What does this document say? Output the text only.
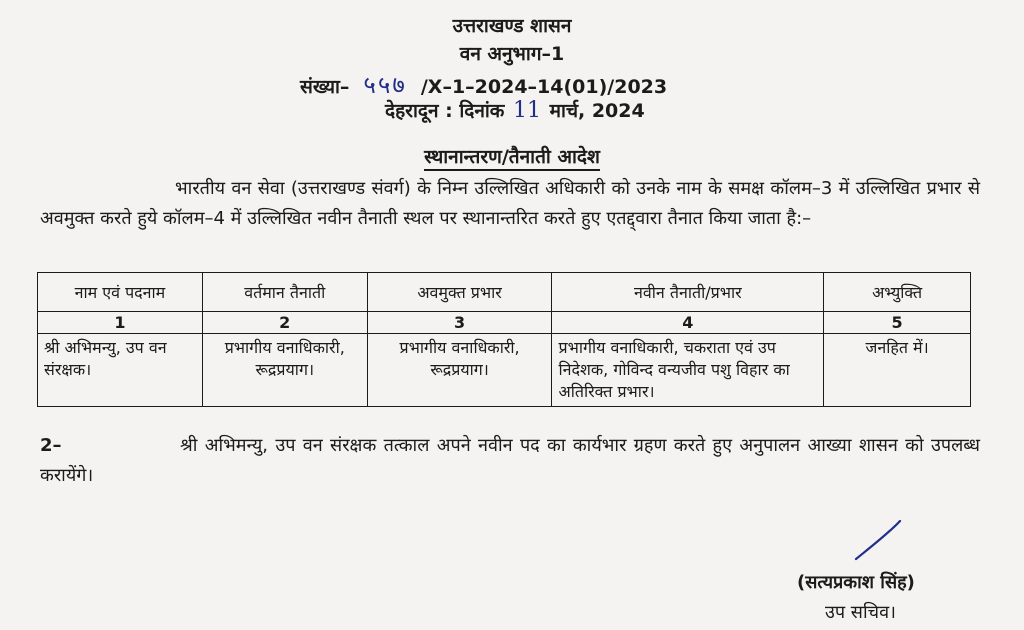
उत्तराखण्ड शासन
वन अनुभाग–1
संख्या– ५५७ /X–1–2024–14(01)/2023
देहरादून : दिनांक 11 मार्च, 2024
स्थानान्तरण/तैनाती आदेश
भारतीय वन सेवा (उत्तराखण्ड संवर्ग) के निम्न उल्लिखित अधिकारी को उनके नाम के समक्ष कॉलम–3 में उल्लिखित प्रभार से अवमुक्त करते हुये कॉलम–4 में उल्लिखित नवीन तैनाती स्थल पर स्थानान्तरित करते हुए एतद्द्वारा तैनात किया जाता है:–
नाम एवं पदनाम	वर्तमान तैनाती	अवमुक्त प्रभार	नवीन तैनाती/प्रभार	अभ्युक्ति
1	2	3	4	5
श्री अभिमन्यु, उप वन संरक्षक।	प्रभागीय वनाधिकारी, रूद्रप्रयाग।	प्रभागीय वनाधिकारी, रूद्रप्रयाग।	प्रभागीय वनाधिकारी, चकराता एवं उप निदेशक, गोविन्द वन्यजीव पशु विहार का अतिरिक्त प्रभार।	जनहित में।
2–	श्री अभिमन्यु, उप वन संरक्षक तत्काल अपने नवीन पद का कार्यभार ग्रहण करते हुए अनुपालन आख्या शासन को उपलब्ध करायेंगे।
(सत्यप्रकाश सिंह)
उप सचिव।
